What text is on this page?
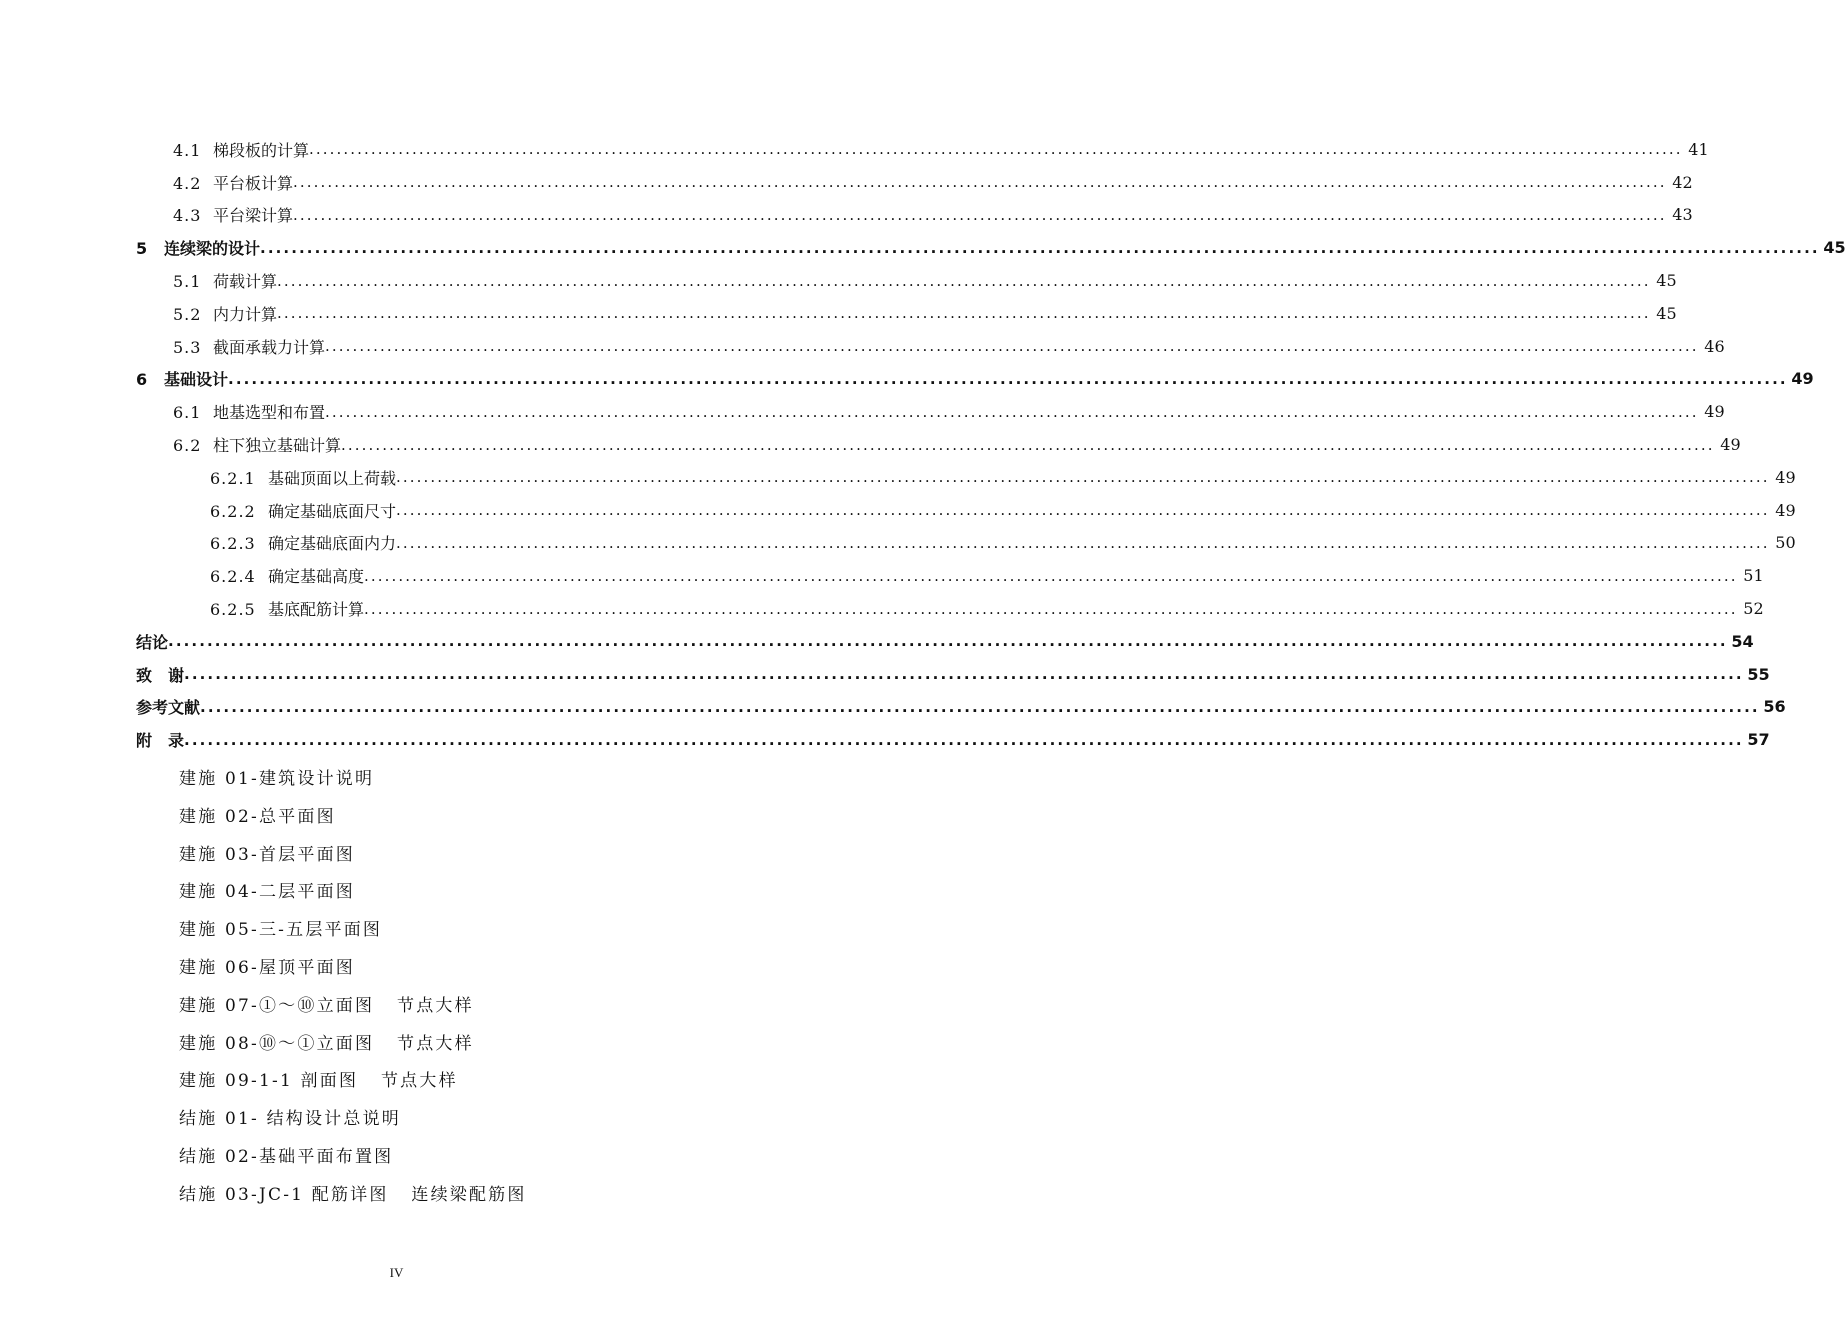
4.1 梯段板的计算 ........................................................................................................................................................................................................ 41
4.2 平台板计算 ........................................................................................................................................................................................................ 42
4.3 平台梁计算 ........................................................................................................................................................................................................ 43
5 连续梁的设计 ........................................................................................................................................................................................................ 45
5.1 荷载计算 ........................................................................................................................................................................................................ 45
5.2 内力计算 ........................................................................................................................................................................................................ 45
5.3 截面承载力计算 ........................................................................................................................................................................................................ 46
6 基础设计 ........................................................................................................................................................................................................ 49
6.1 地基选型和布置 ........................................................................................................................................................................................................ 49
6.2 柱下独立基础计算 ........................................................................................................................................................................................................ 49
6.2.1 基础顶面以上荷载 ........................................................................................................................................................................................................ 49
6.2.2 确定基础底面尺寸 ........................................................................................................................................................................................................ 49
6.2.3 确定基础底面内力 ........................................................................................................................................................................................................ 50
6.2.4 确定基础高度 ........................................................................................................................................................................................................ 51
6.2.5 基底配筋计算 ........................................................................................................................................................................................................ 52
结论 ........................................................................................................................................................................................................ 54
致　谢 ........................................................................................................................................................................................................ 55
参考文献 ........................................................................................................................................................................................................ 56
附　录 ........................................................................................................................................................................................................ 57
建施 01-建筑设计说明
建施 02-总平面图
建施 03-首层平面图
建施 04-二层平面图
建施 05-三-五层平面图
建施 06-屋顶平面图
建施 07-①～⑩立面图   节点大样
建施 08-⑩～①立面图   节点大样
建施 09-1-1 剖面图   节点大样
结施 01- 结构设计总说明
结施 02-基础平面布置图
结施 03-JC-1 配筋详图   连续梁配筋图
IV
